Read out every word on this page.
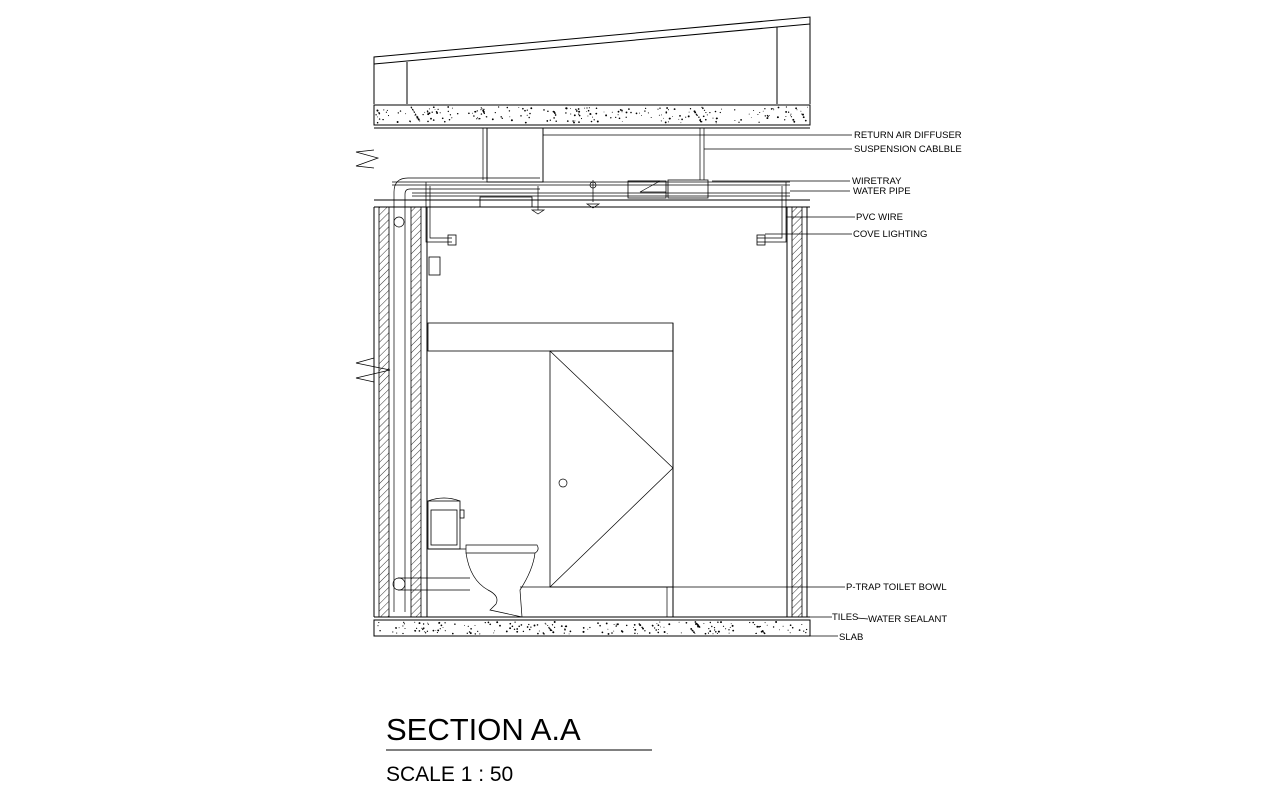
RETURN AIR DIFFUSER
SUSPENSION CABLBLE
WIRETRAY
WATER PIPE
PVC WIRE
COVE LIGHTING
P-TRAP TOILET BOWL
TILES WATER SEALANT
SLAB
SECTION A.A
SCALE 1 : 50
